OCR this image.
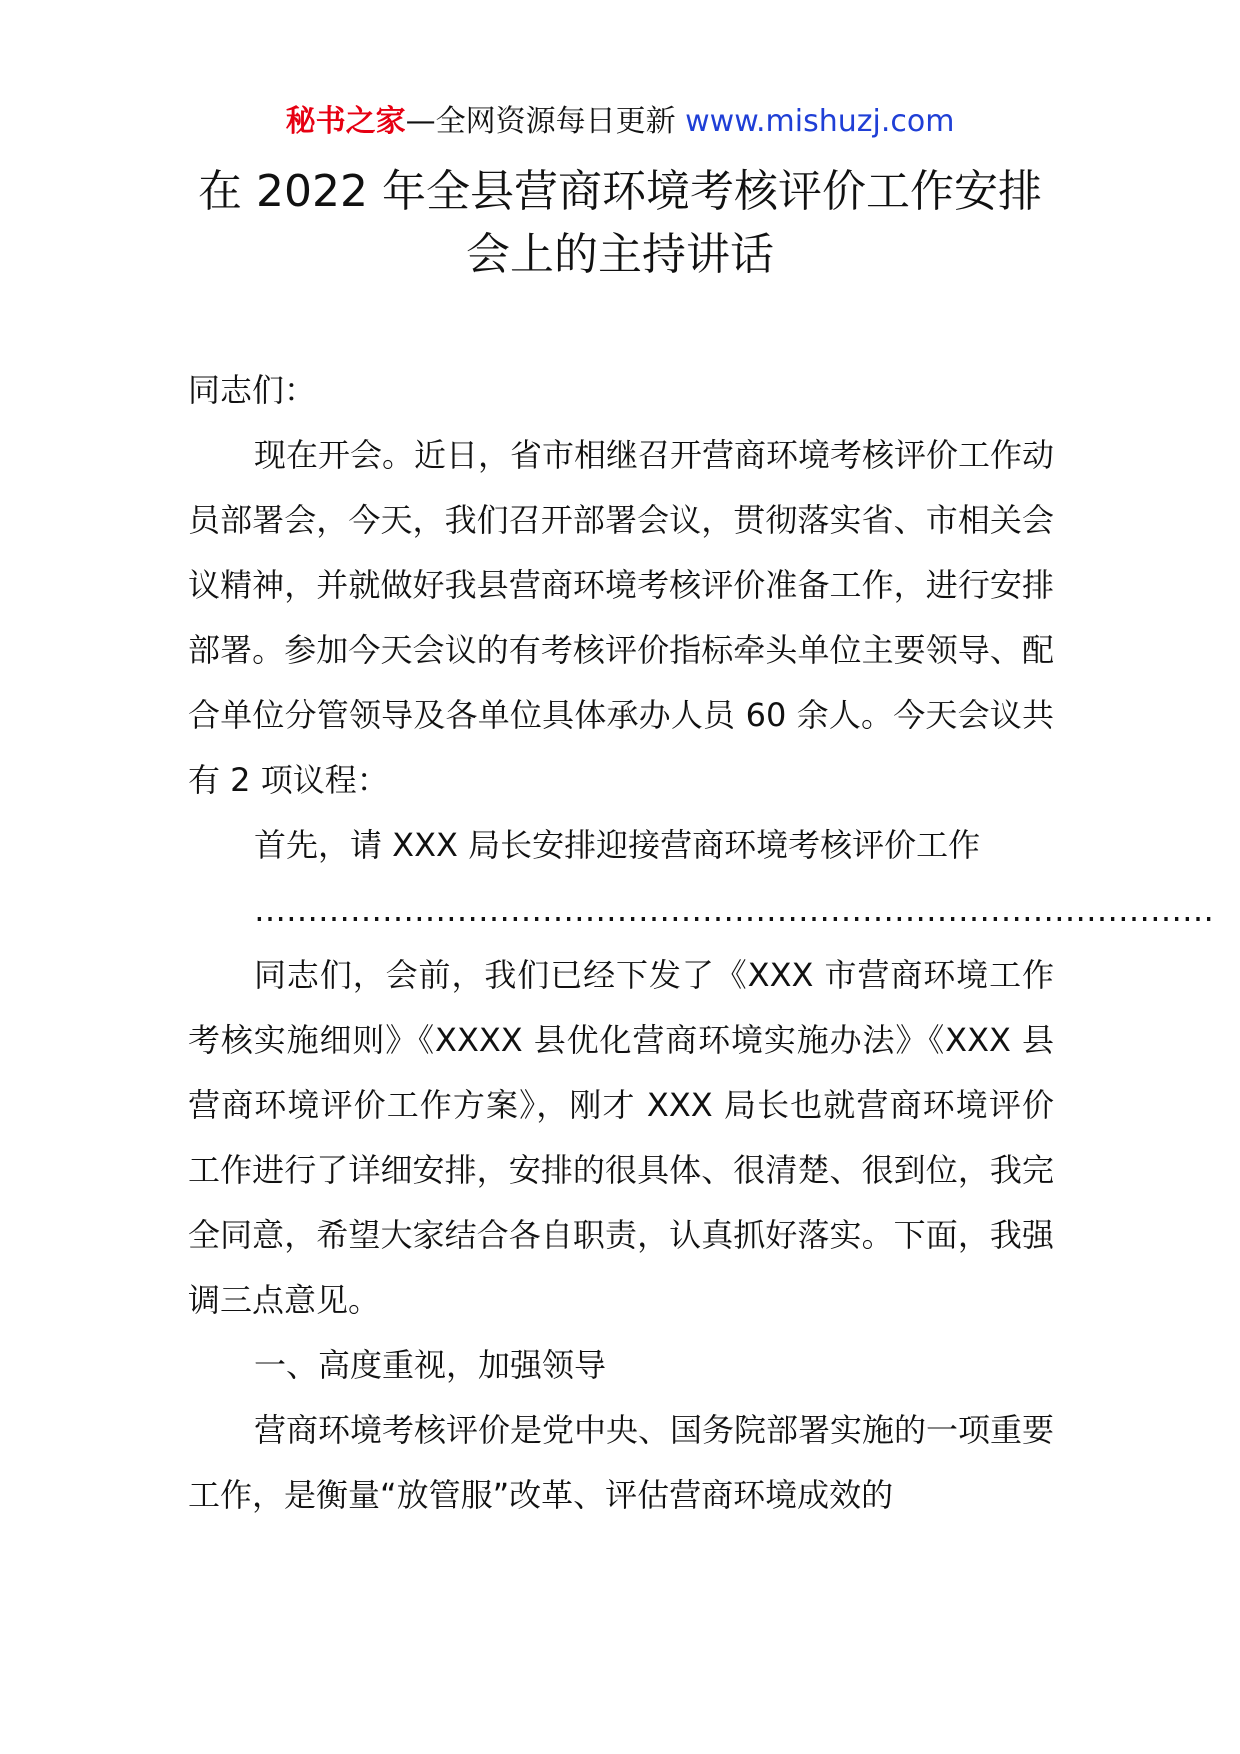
秘书之家—全网资源每日更新 www.mishuzj.com
在 2022 年全县营商环境考核评价工作安排
会上的主持讲话

同志们：

现在开会。近日，省市相继召开营商环境考核评价工作动员部署会，今天，我们召开部署会议，贯彻落实省、市相关会议精神，并就做好我县营商环境考核评价准备工作，进行安排部署。参加今天会议的有考核评价指标牵头单位主要领导、配合单位分管领导及各单位具体承办人员 60 余人。今天会议共有 2 项议程：

首先，请 XXX 局长安排迎接营商环境考核评价工作

………………………………………………………………………………

同志们，会前，我们已经下发了《XXX 市营商环境工作考核实施细则》《XXXX 县优化营商环境实施办法》《XXX 县营商环境评价工作方案》，刚才 XXX 局长也就营商环境评价工作进行了详细安排，安排的很具体、很清楚、很到位，我完全同意，希望大家结合各自职责，认真抓好落实。下面，我强调三点意见。

一、高度重视，加强领导

营商环境考核评价是党中央、国务院部署实施的一项重要工作，是衡量“放管服”改革、评估营商环境成效的
